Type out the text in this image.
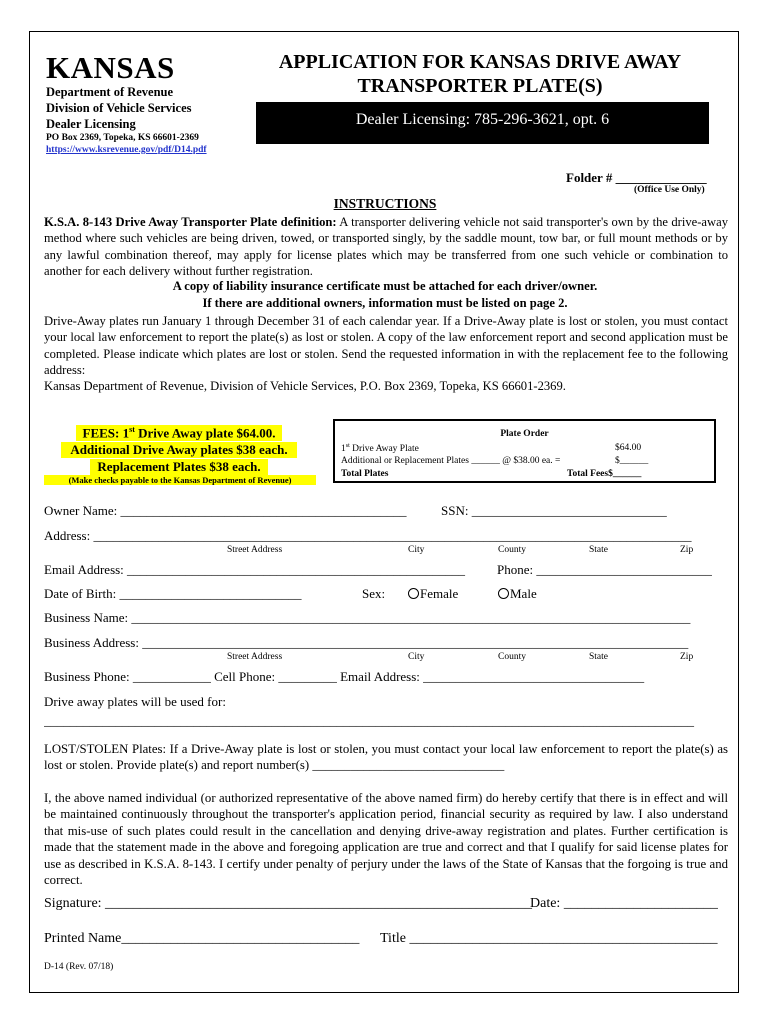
KANSAS
Department of Revenue
Division of Vehicle Services
Dealer Licensing
PO Box 2369, Topeka, KS 66601-2369
https://www.ksrevenue.gov/pdf/D14.pdf
APPLICATION FOR KANSAS DRIVE AWAY TRANSPORTER PLATE(S)
Dealer Licensing: 785-296-3621, opt. 6
Folder # ______________
(Office Use Only)
INSTRUCTIONS
K.S.A. 8-143 Drive Away Transporter Plate definition: A transporter delivering vehicle not said transporter's own by the drive-away method where such vehicles are being driven, towed, or transported singly, by the saddle mount, tow bar, or full mount methods or by any lawful combination thereof, may apply for license plates which may be transferred from one such vehicle or combination to another for each delivery without further registration.
A copy of liability insurance certificate must be attached for each driver/owner.
If there are additional owners, information must be listed on page 2.
Drive-Away plates run January 1 through December 31 of each calendar year. If a Drive-Away plate is lost or stolen, you must contact your local law enforcement to report the plate(s) as lost or stolen. A copy of the law enforcement report and second application must be completed. Please indicate which plates are lost or stolen. Send the requested information in with the replacement fee to the following address:
Kansas Department of Revenue, Division of Vehicle Services, P.O. Box 2369, Topeka, KS 66601-2369.
FEES: 1st Drive Away plate $64.00.
Additional Drive Away plates $38 each.
Replacement Plates $38 each.
(Make checks payable to the Kansas Department of Revenue)
Plate Order
1st Drive Away Plate	$64.00
Additional or Replacement Plates ______ @ $38.00 ea. =	$______
Total Plates	Total Fees$______
Owner Name: ____________________________________________	SSN: ______________________________
Address: ____________________________________________________________________________________________
Street Address	City	County	State	Zip
Email Address: ____________________________________________________ Phone: ___________________________
Date of Birth: ____________________________	Sex:	Female	Male
Business Name: ______________________________________________________________________________________
Business Address: ____________________________________________________________________________________
Street Address	City	County	State	Zip
Business Phone: ____________ Cell Phone: _________ Email Address: __________________________________
Drive away plates will be used for:
____________________________________________________________________________________________________
LOST/STOLEN Plates: If a Drive-Away plate is lost or stolen, you must contact your local law enforcement to report the plate(s) as lost or stolen. Provide plate(s) and report number(s) ______________________________
I, the above named individual (or authorized representative of the above named firm) do hereby certify that there is in effect and will be maintained continuously throughout the transporter's application period, financial security as required by law. I also understand that mis-use of such plates could result in the cancellation and denying drive-away registration and plates. Further certification is made that the statement made in the above and foregoing application are true and correct and that I qualify for said license plates for use as described in K.S.A. 8-143. I certify under penalty of perjury under the laws of the State of Kansas that the forgoing is true and correct.
Signature: _____________________________________________________________
Date: ______________________
Printed Name__________________________________ Title ____________________________________________
D-14 (Rev. 07/18)
